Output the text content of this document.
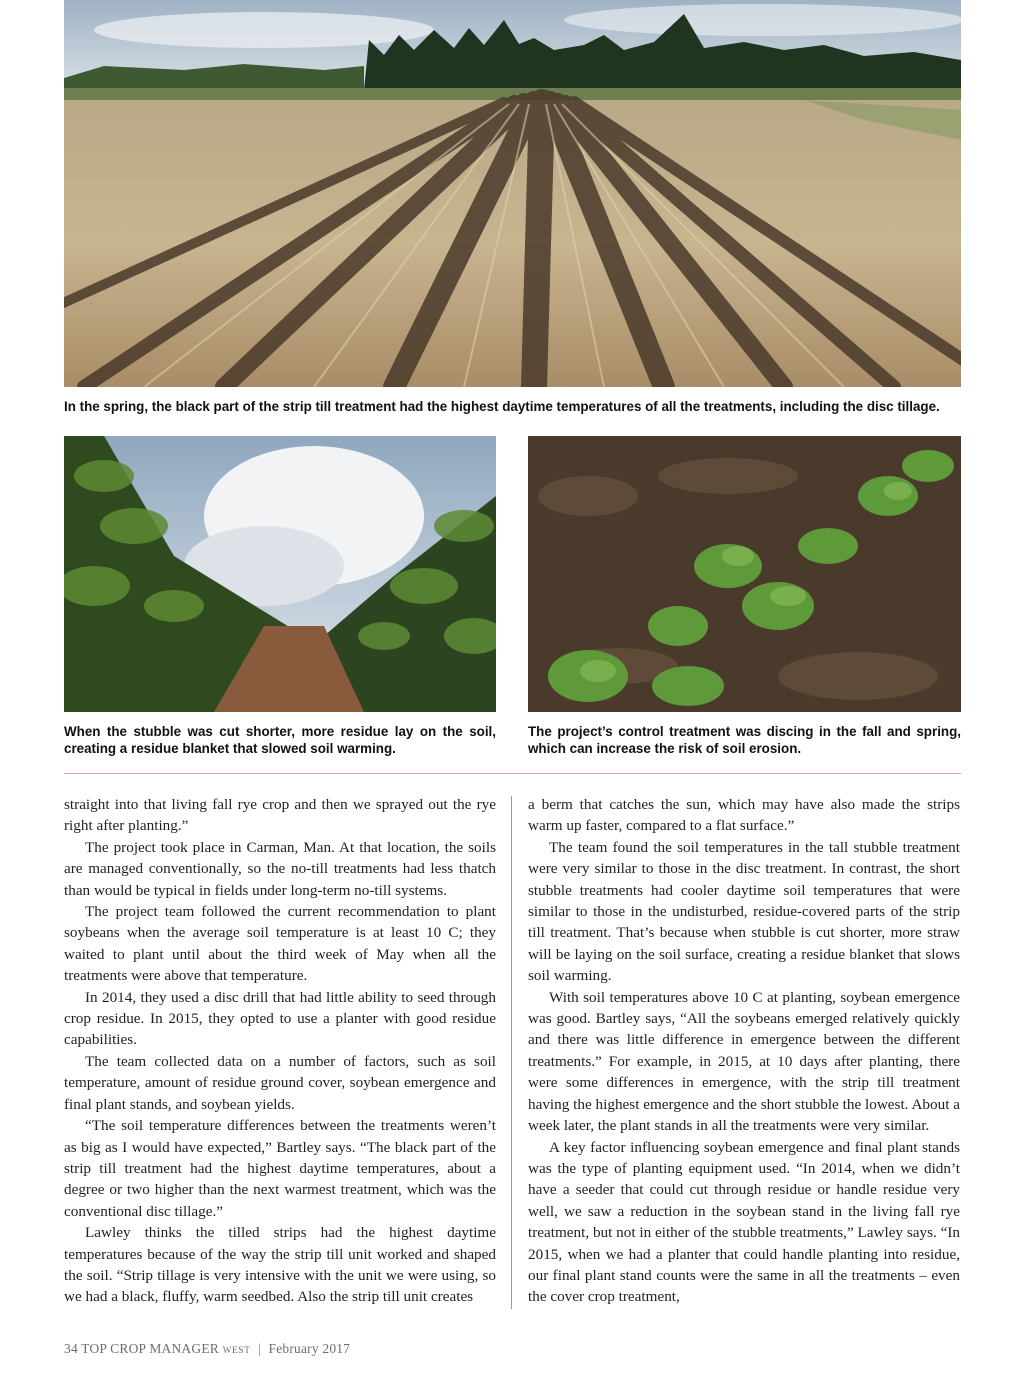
In the spring, the black part of the strip till treatment had the highest daytime temperatures of all the treatments, including the disc tillage.

When the stubble was cut shorter, more residue lay on the soil, creating a residue blanket that slowed soil warming.

The project’s control treatment was discing in the fall and spring, which can increase the risk of soil erosion.

straight into that living fall rye crop and then we sprayed out the rye right after planting.”

The project took place in Carman, Man. At that location, the soils are managed conventionally, so the no-till treatments had less thatch than would be typical in fields under long-term no-till systems.

The project team followed the current recommendation to plant soybeans when the average soil temperature is at least 10 C; they waited to plant until about the third week of May when all the treatments were above that temperature.

In 2014, they used a disc drill that had little ability to seed through crop residue. In 2015, they opted to use a planter with good residue capabilities.

The team collected data on a number of factors, such as soil temperature, amount of residue ground cover, soybean emergence and final plant stands, and soybean yields.

“The soil temperature differences between the treatments weren’t as big as I would have expected,” Bartley says. “The black part of the strip till treatment had the highest daytime temperatures, about a degree or two higher than the next warmest treatment, which was the conventional disc tillage.”

Lawley thinks the tilled strips had the highest daytime temperatures because of the way the strip till unit worked and shaped the soil. “Strip tillage is very intensive with the unit we were using, so we had a black, fluffy, warm seedbed. Also the strip till unit creates

a berm that catches the sun, which may have also made the strips warm up faster, compared to a flat surface.”

The team found the soil temperatures in the tall stubble treatment were very similar to those in the disc treatment. In contrast, the short stubble treatments had cooler daytime soil temperatures that were similar to those in the undisturbed, residue-covered parts of the strip till treatment. That’s because when stubble is cut shorter, more straw will be laying on the soil surface, creating a residue blanket that slows soil warming.

With soil temperatures above 10 C at planting, soybean emergence was good. Bartley says, “All the soybeans emerged relatively quickly and there was little difference in emergence between the different treatments.” For example, in 2015, at 10 days after planting, there were some differences in emergence, with the strip till treatment having the highest emergence and the short stubble the lowest. About a week later, the plant stands in all the treatments were very similar.

A key factor influencing soybean emergence and final plant stands was the type of planting equipment used. “In 2014, when we didn’t have a seeder that could cut through residue or handle residue very well, we saw a reduction in the soybean stand in the living fall rye treatment, but not in either of the stubble treatments,” Lawley says. “In 2015, when we had a planter that could handle planting into residue, our final plant stand counts were the same in all the treatments – even the cover crop treatment,

34 TOP CROP MANAGER WEST | February 2017
